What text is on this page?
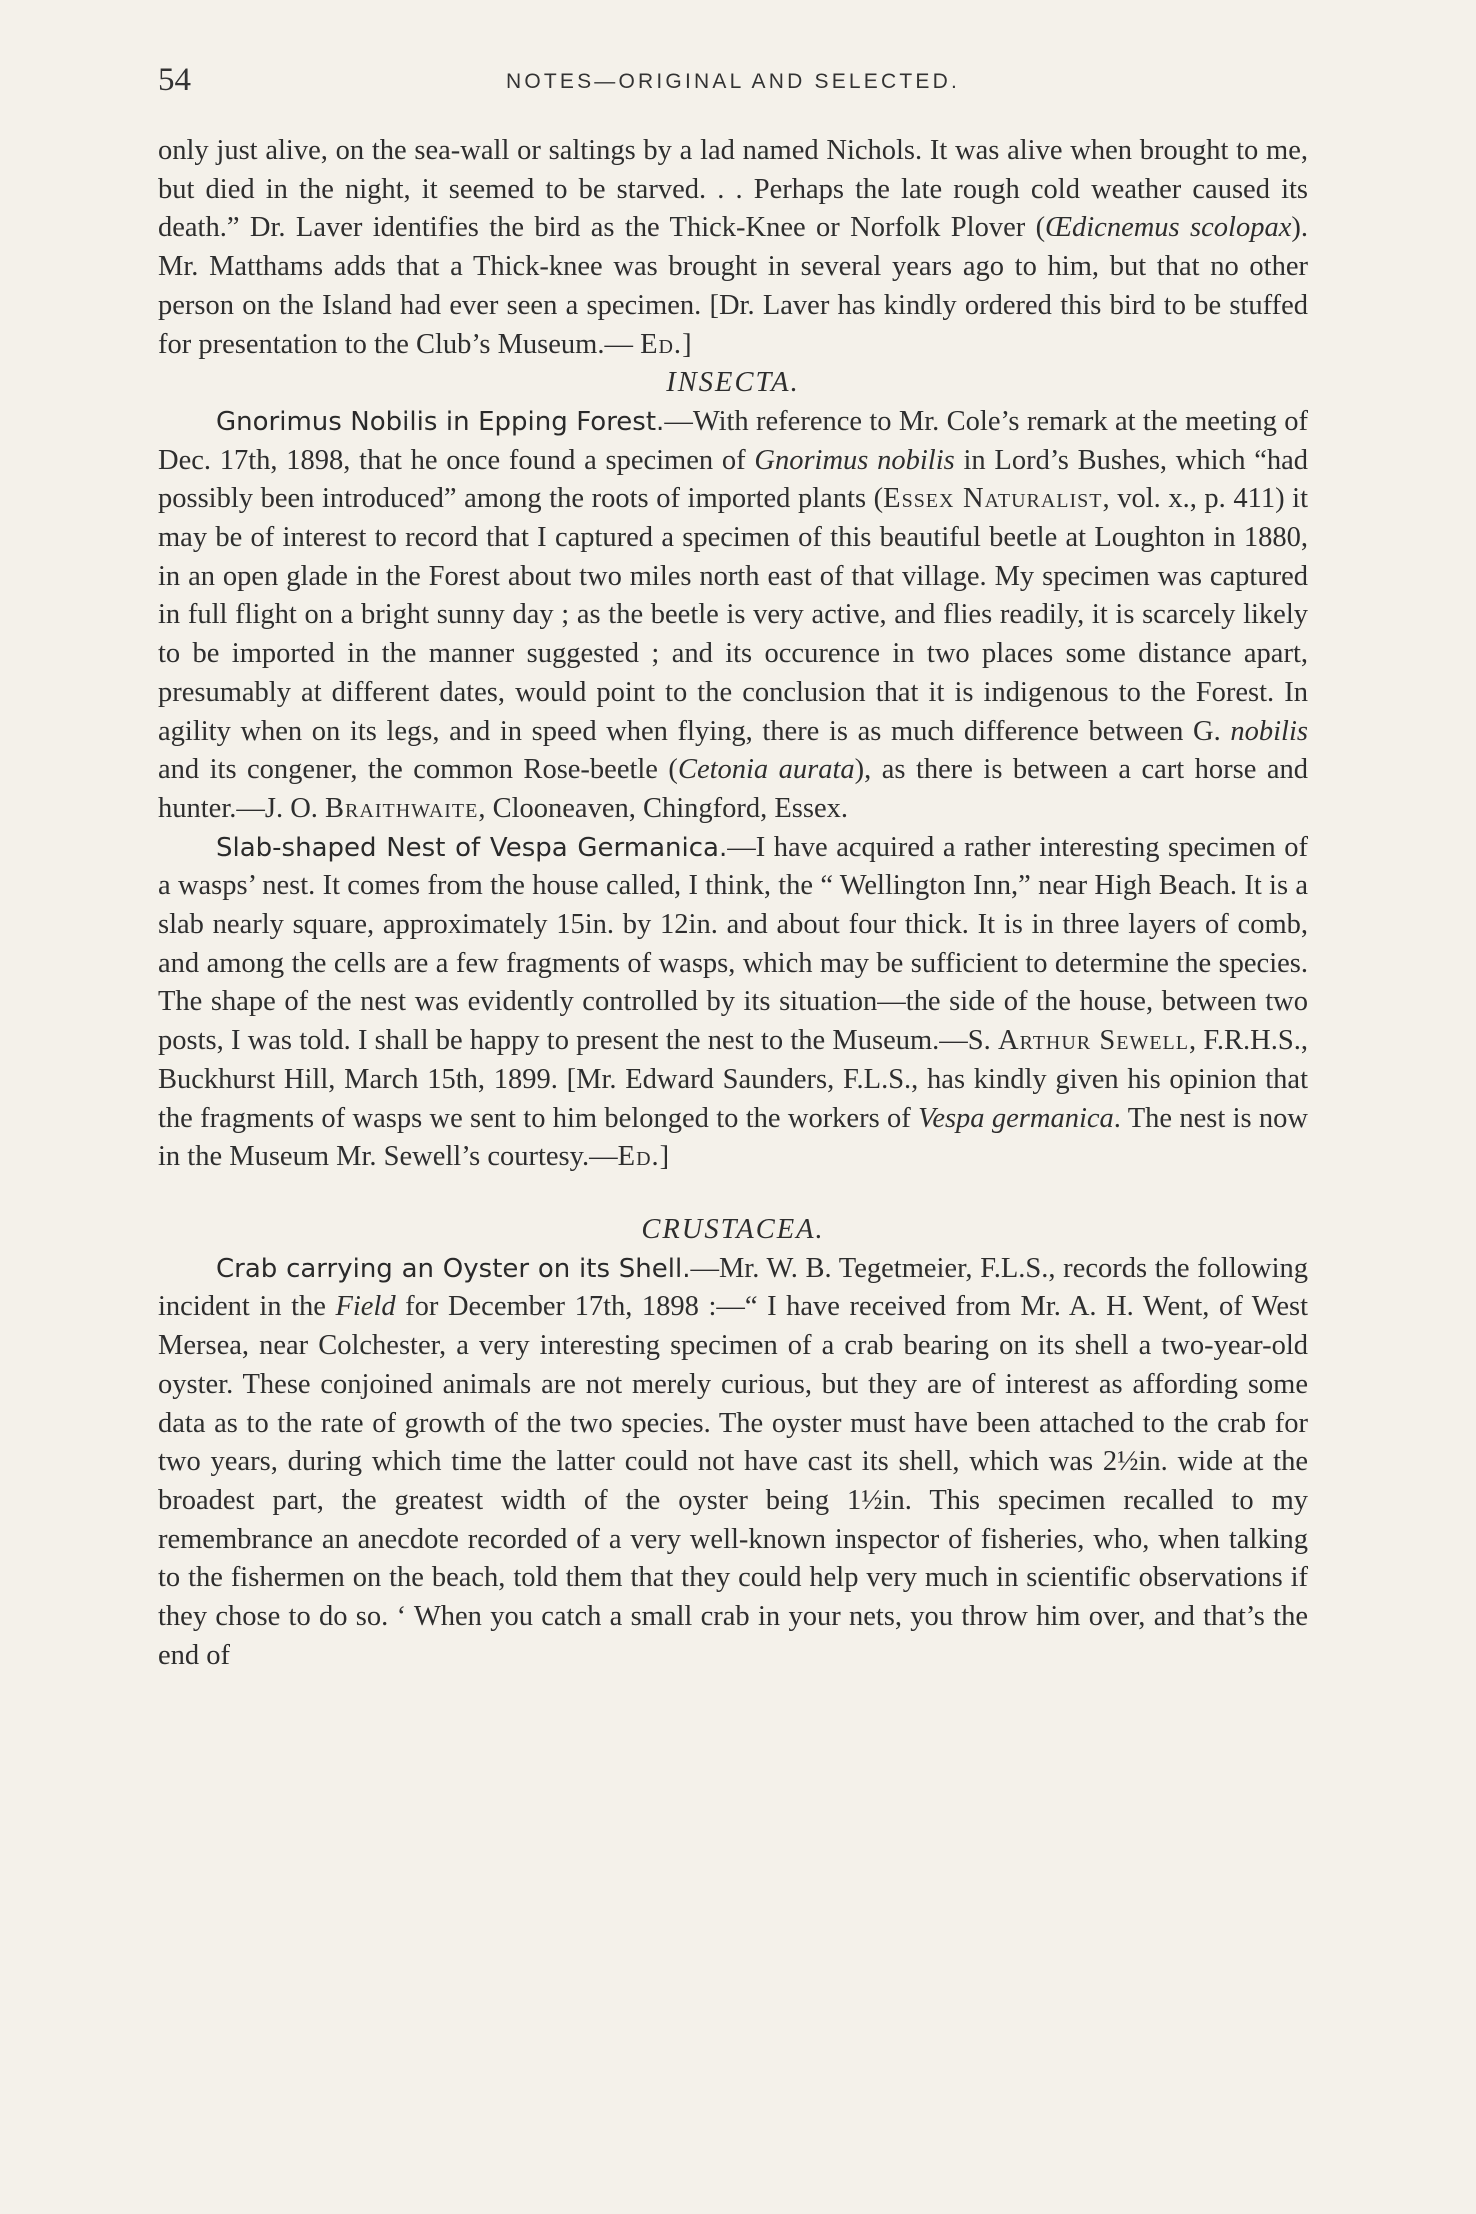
54	NOTES—ORIGINAL AND SELECTED.

only just alive, on the sea-wall or saltings by a lad named Nichols. It was alive when brought to me, but died in the night, it seemed to be starved. . . Perhaps the late rough cold weather caused its death.” Dr. Laver identifies the bird as the Thick-Knee or Norfolk Plover (Œdicnemus scolopax). Mr. Matthams adds that a Thick-knee was brought in several years ago to him, but that no other person on the Island had ever seen a specimen. [Dr. Laver has kindly ordered this bird to be stuffed for presentation to the Club’s Museum.— Ed.]

INSECTA.

Gnorimus Nobilis in Epping Forest.—With reference to Mr. Cole’s remark at the meeting of Dec. 17th, 1898, that he once found a specimen of Gnorimus nobilis in Lord’s Bushes, which “had possibly been introduced” among the roots of imported plants (Essex Naturalist, vol. x., p. 411) it may be of interest to record that I captured a specimen of this beautiful beetle at Loughton in 1880, in an open glade in the Forest about two miles north east of that village. My specimen was captured in full flight on a bright sunny day ; as the beetle is very active, and flies readily, it is scarcely likely to be imported in the manner suggested ; and its occurence in two places some distance apart, presumably at different dates, would point to the conclusion that it is indigenous to the Forest. In agility when on its legs, and in speed when flying, there is as much difference between G. nobilis and its congener, the common Rose-beetle (Cetonia aurata), as there is between a cart horse and hunter.—J. O. Braithwaite, Clooneaven, Chingford, Essex.

Slab-shaped Nest of Vespa Germanica.—I have acquired a rather interesting specimen of a wasps’ nest. It comes from the house called, I think, the “ Wellington Inn,” near High Beach. It is a slab nearly square, approximately 15in. by 12in. and about four thick. It is in three layers of comb, and among the cells are a few fragments of wasps, which may be sufficient to determine the species. The shape of the nest was evidently controlled by its situation—the side of the house, between two posts, I was told. I shall be happy to present the nest to the Museum.—S. Arthur Sewell, F.R.H.S., Buckhurst Hill, March 15th, 1899. [Mr. Edward Saunders, F.L.S., has kindly given his opinion that the fragments of wasps we sent to him belonged to the workers of Vespa germanica. The nest is now in the Museum Mr. Sewell’s courtesy.—Ed.]

CRUSTACEA.

Crab carrying an Oyster on its Shell.—Mr. W. B. Tegetmeier, F.L.S., records the following incident in the Field for December 17th, 1898 :—“ I have received from Mr. A. H. Went, of West Mersea, near Colchester, a very interesting specimen of a crab bearing on its shell a two-year-old oyster. These conjoined animals are not merely curious, but they are of interest as affording some data as to the rate of growth of the two species. The oyster must have been attached to the crab for two years, during which time the latter could not have cast its shell, which was 2½in. wide at the broadest part, the greatest width of the oyster being 1½in. This specimen recalled to my remembrance an anecdote recorded of a very well-known inspector of fisheries, who, when talking to the fishermen on the beach, told them that they could help very much in scientific observations if they chose to do so. ‘ When you catch a small crab in your nets, you throw him over, and that’s the end of
